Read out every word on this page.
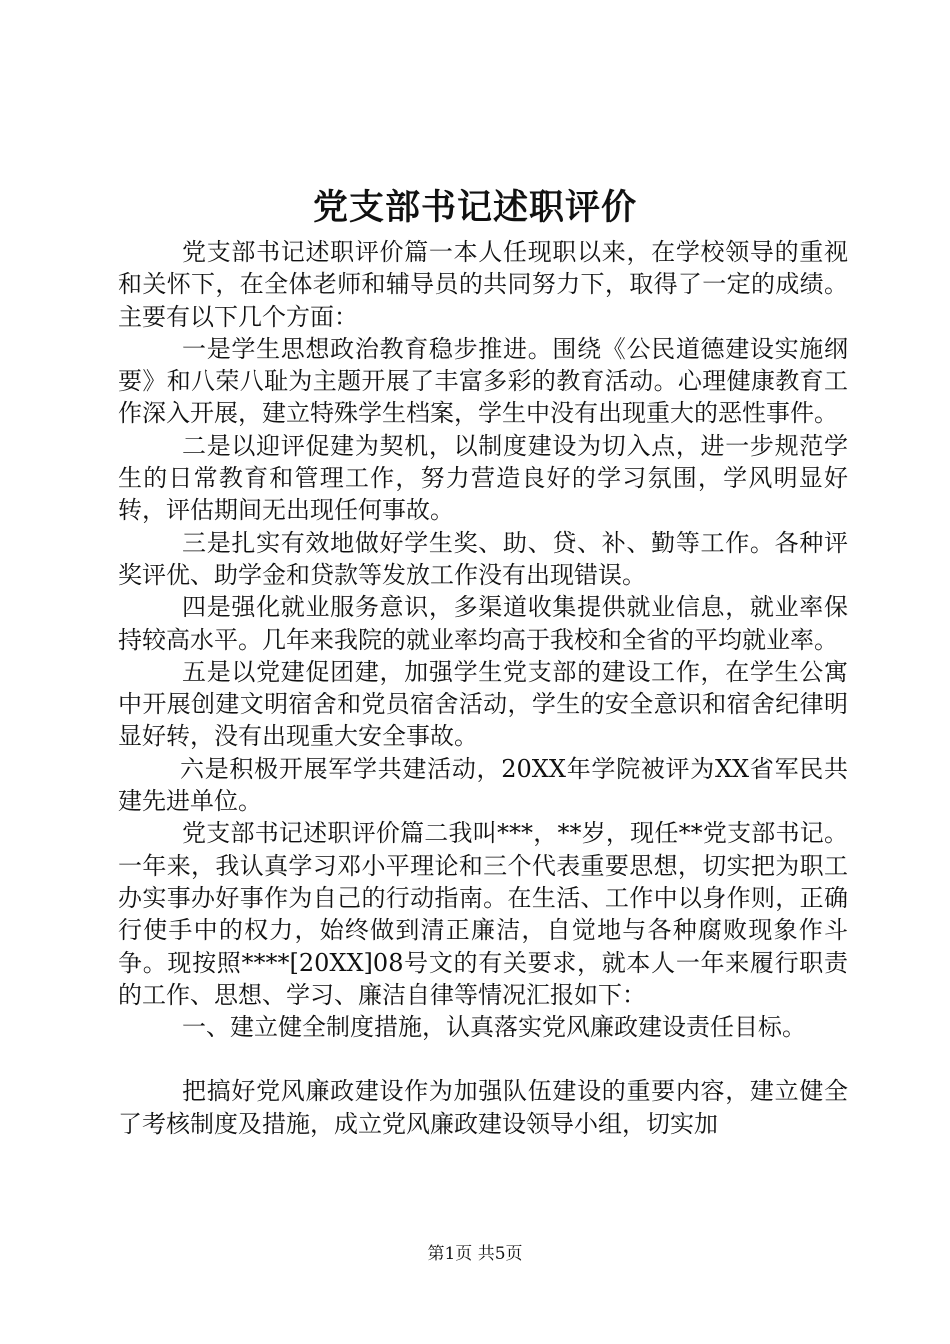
党支部书记述职评价

党支部书记述职评价篇一本人任现职以来，在学校领导的重视和关怀下，在全体老师和辅导员的共同努力下，取得了一定的成绩。主要有以下几个方面：

一是学生思想政治教育稳步推进。围绕《公民道德建设实施纲要》和八荣八耻为主题开展了丰富多彩的教育活动。心理健康教育工作深入开展，建立特殊学生档案，学生中没有出现重大的恶性事件。

二是以迎评促建为契机，以制度建设为切入点，进一步规范学生的日常教育和管理工作，努力营造良好的学习氛围，学风明显好转，评估期间无出现任何事故。

三是扎实有效地做好学生奖、助、贷、补、勤等工作。各种评奖评优、助学金和贷款等发放工作没有出现错误。

四是强化就业服务意识，多渠道收集提供就业信息，就业率保持较高水平。几年来我院的就业率均高于我校和全省的平均就业率。

五是以党建促团建，加强学生党支部的建设工作，在学生公寓中开展创建文明宿舍和党员宿舍活动，学生的安全意识和宿舍纪律明显好转，没有出现重大安全事故。

六是积极开展军学共建活动，20XX年学院被评为XX省军民共建先进单位。

党支部书记述职评价篇二我叫***，**岁，现任**党支部书记。一年来，我认真学习邓小平理论和三个代表重要思想，切实把为职工办实事办好事作为自己的行动指南。在生活、工作中以身作则，正确行使手中的权力，始终做到清正廉洁，自觉地与各种腐败现象作斗争。现按照****[20XX]08号文的有关要求，就本人一年来履行职责的工作、思想、学习、廉洁自律等情况汇报如下：

一、建立健全制度措施，认真落实党风廉政建设责任目标。

把搞好党风廉政建设作为加强队伍建设的重要内容，建立健全了考核制度及措施，成立党风廉政建设领导小组，切实加

第1页 共5页
